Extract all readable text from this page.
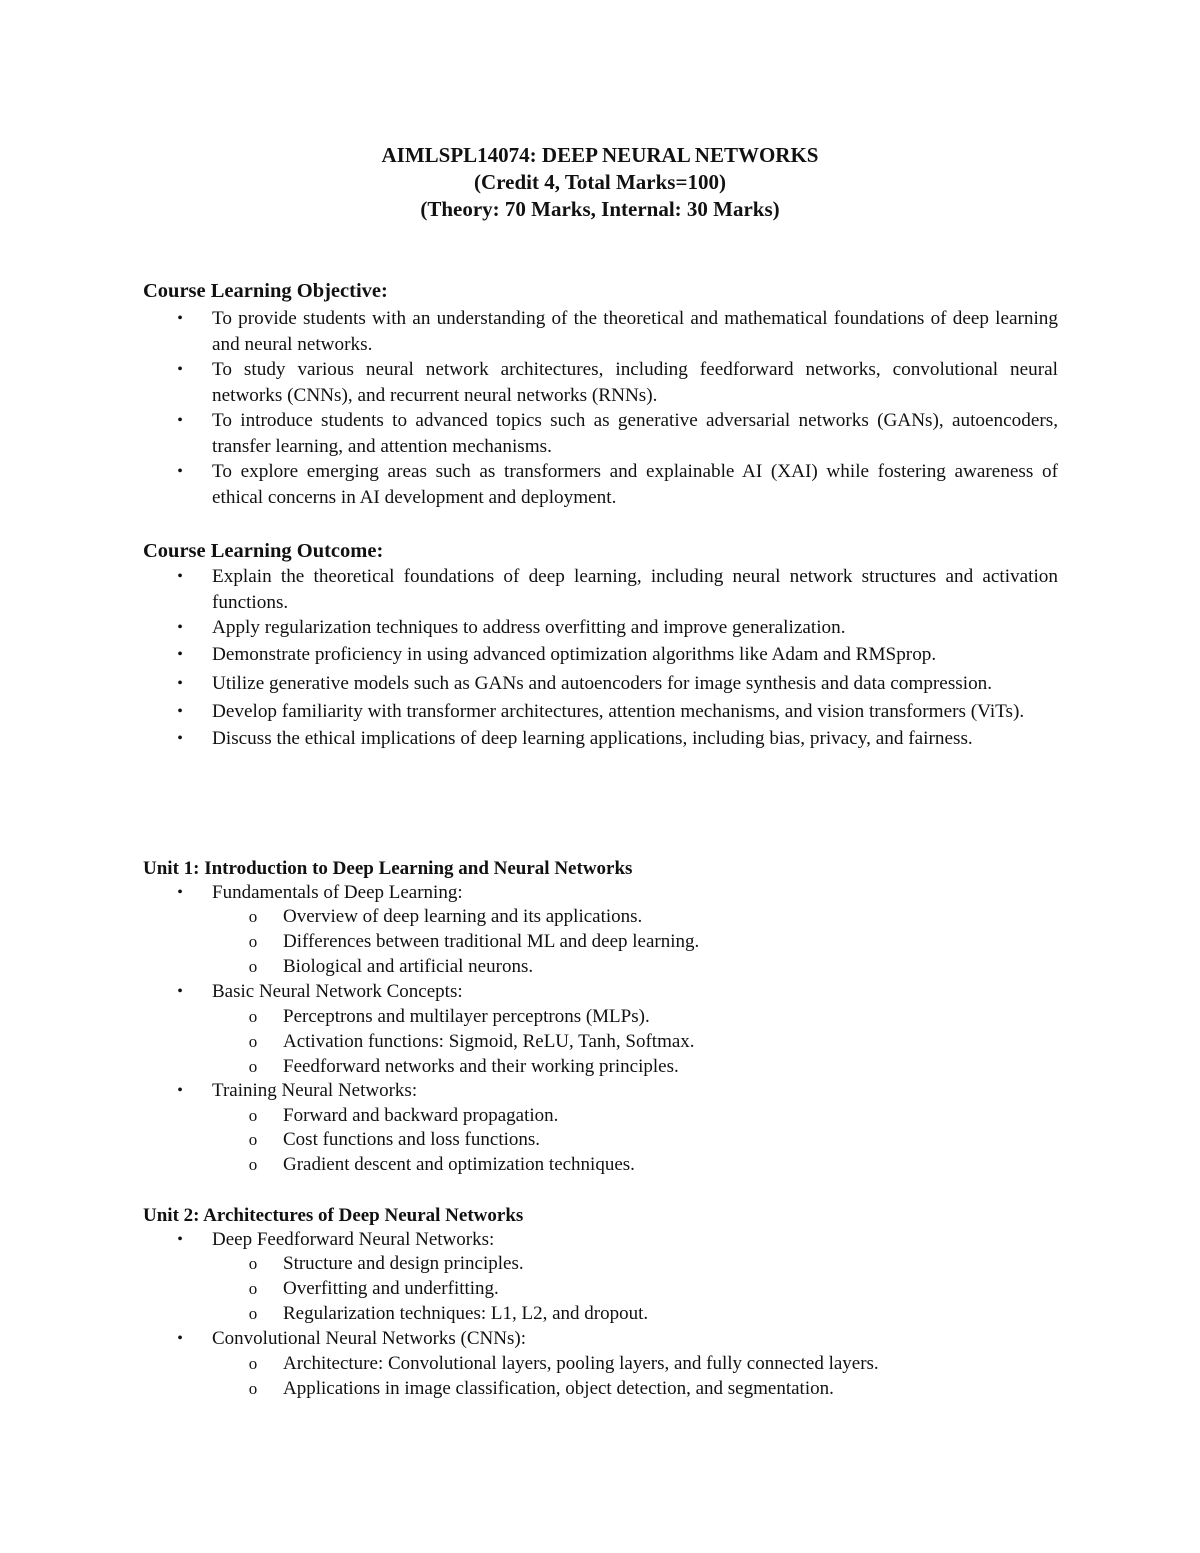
AIMLSPL14074: DEEP NEURAL NETWORKS
(Credit 4, Total Marks=100)
(Theory: 70 Marks, Internal: 30 Marks)
Course Learning Objective:
• To provide students with an understanding of the theoretical and mathematical foundations of deep learning and neural networks.
• To study various neural network architectures, including feedforward networks, convolutional neural networks (CNNs), and recurrent neural networks (RNNs).
• To introduce students to advanced topics such as generative adversarial networks (GANs), autoencoders, transfer learning, and attention mechanisms.
• To explore emerging areas such as transformers and explainable AI (XAI) while fostering awareness of ethical concerns in AI development and deployment.
Course Learning Outcome:
• Explain the theoretical foundations of deep learning, including neural network structures and activation functions.
• Apply regularization techniques to address overfitting and improve generalization.
• Demonstrate proficiency in using advanced optimization algorithms like Adam and RMSprop.
• Utilize generative models such as GANs and autoencoders for image synthesis and data compression.
• Develop familiarity with transformer architectures, attention mechanisms, and vision transformers (ViTs).
• Discuss the ethical implications of deep learning applications, including bias, privacy, and fairness.
Unit 1: Introduction to Deep Learning and Neural Networks
• Fundamentals of Deep Learning:
o Overview of deep learning and its applications.
o Differences between traditional ML and deep learning.
o Biological and artificial neurons.
• Basic Neural Network Concepts:
o Perceptrons and multilayer perceptrons (MLPs).
o Activation functions: Sigmoid, ReLU, Tanh, Softmax.
o Feedforward networks and their working principles.
• Training Neural Networks:
o Forward and backward propagation.
o Cost functions and loss functions.
o Gradient descent and optimization techniques.
Unit 2: Architectures of Deep Neural Networks
• Deep Feedforward Neural Networks:
o Structure and design principles.
o Overfitting and underfitting.
o Regularization techniques: L1, L2, and dropout.
• Convolutional Neural Networks (CNNs):
o Architecture: Convolutional layers, pooling layers, and fully connected layers.
o Applications in image classification, object detection, and segmentation.
